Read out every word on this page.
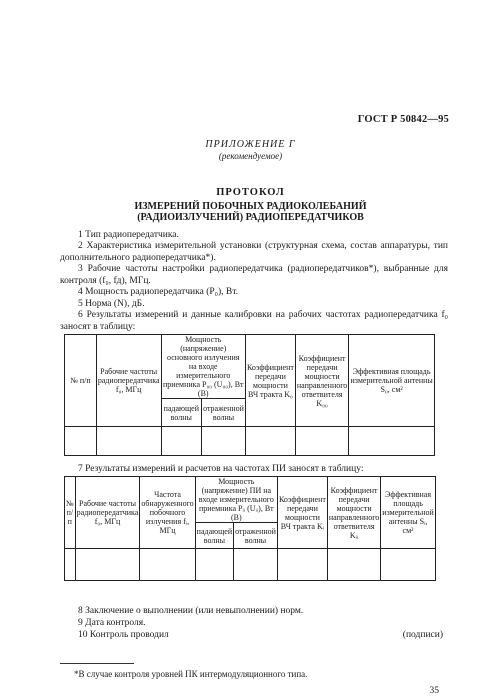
ГОСТ Р 50842—95
ПРИЛОЖЕНИЕ Г
(рекомендуемое)
ПРОТОКОЛ
ИЗМЕРЕНИЙ ПОБОЧНЫХ РАДИОКОЛЕБАНИЙ
(РАДИОИЗЛУЧЕНИЙ) РАДИОПЕРЕДАТЧИКОВ
1 Тип радиопередатчика.
2 Характеристика измерительной установки (структурная схема, состав аппаратуры, тип дополнительного радиопередатчика*).
3 Рабочие частоты настройки радиопередатчика (радиопередатчиков*), выбранные для контроля (f₀, fд), МГц.
4 Мощность радиопередатчика (P₀), Вт.
5 Норма (N), дБ.
6 Результаты измерений и данные калибровки на рабочих частотах радиопередатчика f₀ заносят в таблицу:
№ п/п	Рабочие частоты радиопередатчика f₀, МГц	Мощность (напряжение) основного излучения на входе измерительного приемника P₀₀ (U₀₀), Вт (В)		Коэффициент передачи мощности ВЧ тракта K₀	Коэффициент передачи мощности направленного ответвителя K₀₀	Эффективная площадь измерительной антенны S₀, см²
		падающей волны	отраженной волны			

7 Результаты измерений и расчетов на частотах ПИ заносят в таблицу:
№ п/п	Рабочие частоты радиопередатчика f₀, МГц	Частота обнаруженного побочного излучения fᵢ, МГц	Мощность (напряжение) ПИ на входе измерительного приемника Pᵢᵢ (Uᵢᵢ), Вт (В)		Коэффициент передачи мощности ВЧ тракта Kᵢ	Коэффициент передачи мощности направленного ответвителя Kᵢᵢ	Эффективная площадь измерительной антенны Sᵢ, см²
			падающей волны	отраженной волны			

8 Заключение о выполнении (или невыполнении) норм.
9 Дата контроля.
10 Контроль проводил	(подписи)
*В случае контроля уровней ПК интермодуляционного типа.
35
